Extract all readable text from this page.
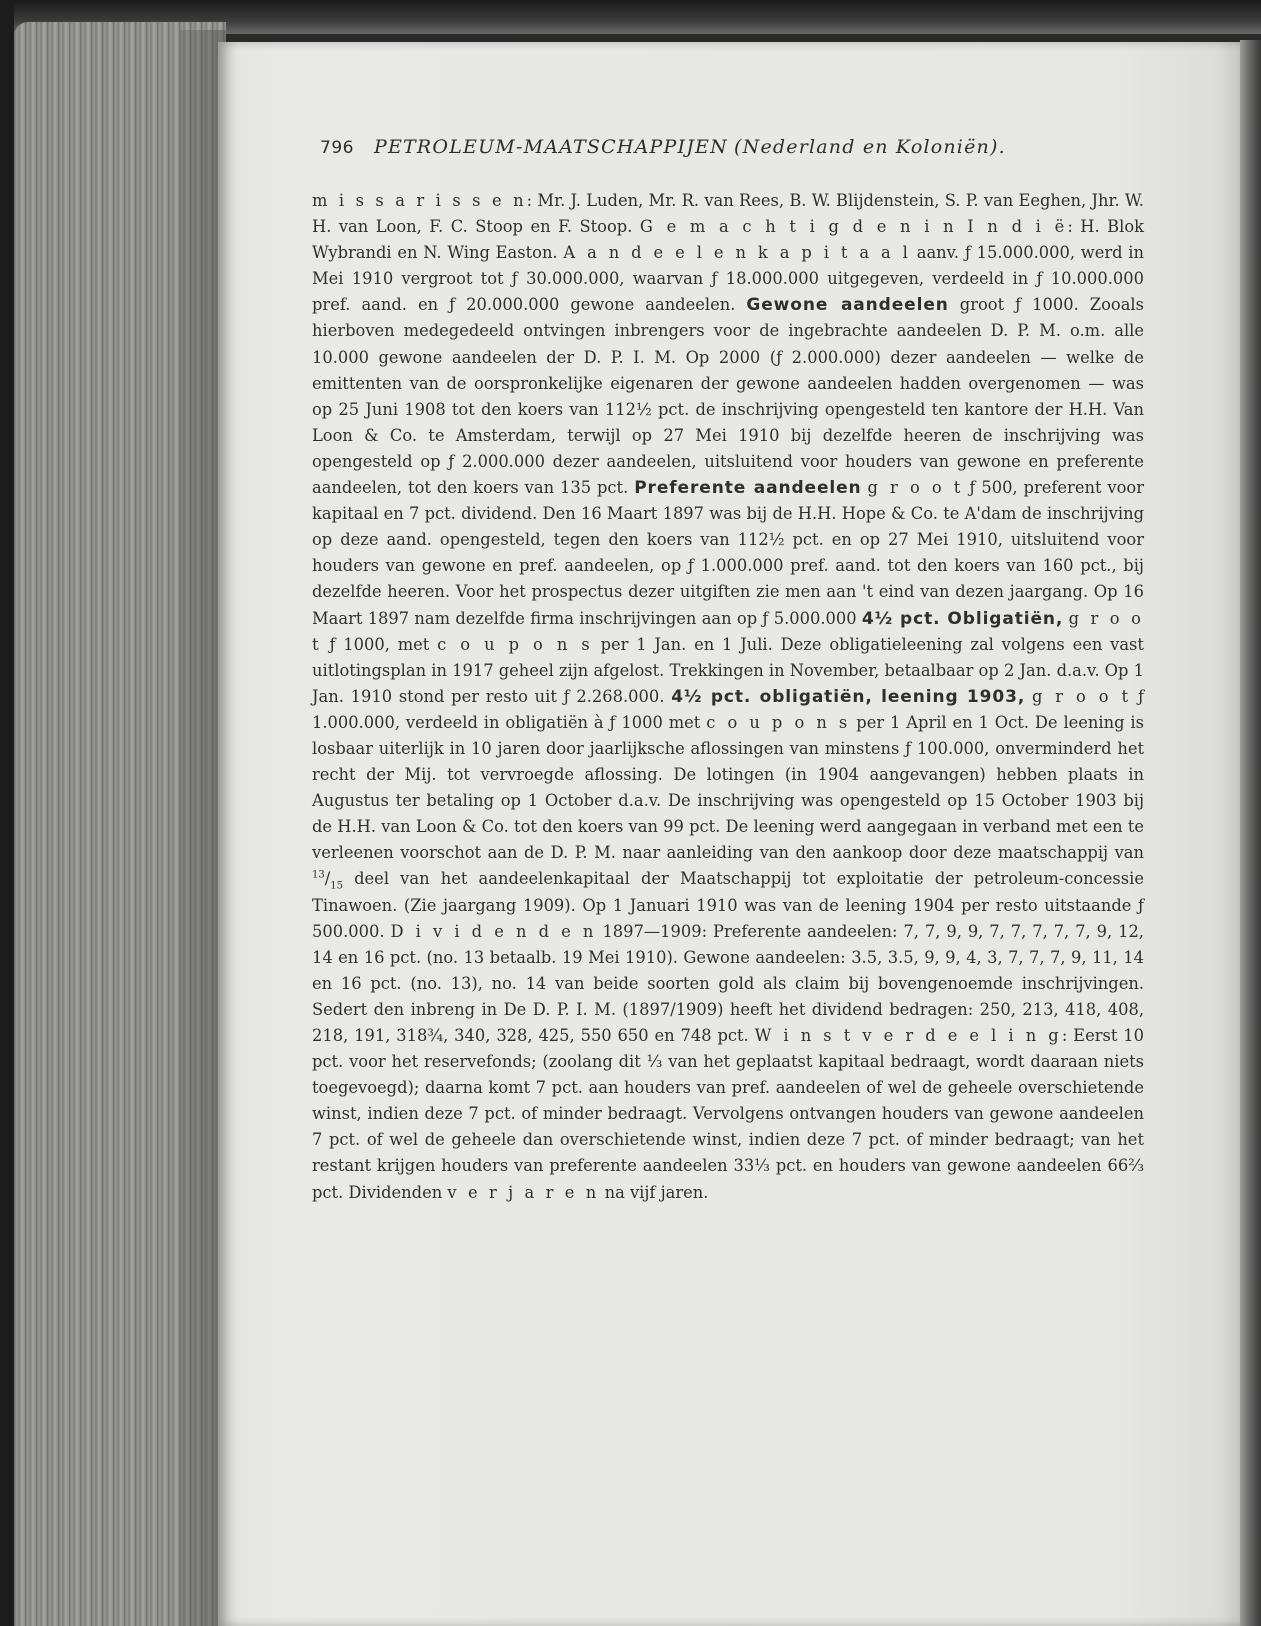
796 PETROLEUM-MAATSCHAPPIJEN (Nederland en Koloniën).
m i s s a r i s s e n: Mr. J. Luden, Mr. R. van Rees, B. W. Blijdenstein, S. P. van Eeghen, Jhr. W. H. van Loon, F. C. Stoop en F. Stoop. G e m a c h t i g d e n i n I n d i ë: H. Blok Wybrandi en N. Wing Easton. A a n d e e l e n k a p i t a a l aanv. ƒ 15.000.000, werd in Mei 1910 vergroot tot ƒ 30.000.000, waarvan ƒ 18.000.000 uitgegeven, verdeeld in ƒ 10.000.000 pref. aand. en ƒ 20.000.000 gewone aandeelen. Gewone aandeelen groot ƒ 1000. Zooals hierboven medegedeeld ontvingen inbrengers voor de ingebrachte aandeelen D. P. M. o.m. alle 10.000 gewone aandeelen der D. P. I. M. Op 2000 (ƒ 2.000.000) dezer aandeelen — welke de emittenten van de oorspronkelijke eigenaren der gewone aandeelen hadden overgenomen — was op 25 Juni 1908 tot den koers van 112½ pct. de inschrijving opengesteld ten kantore der H.H. Van Loon & Co. te Amsterdam, terwijl op 27 Mei 1910 bij dezelfde heeren de inschrijving was opengesteld op ƒ 2.000.000 dezer aandeelen, uitsluitend voor houders van gewone en preferente aandeelen, tot den koers van 135 pct. Preferente aandeelen g r o o t ƒ 500, preferent voor kapitaal en 7 pct. dividend. Den 16 Maart 1897 was bij de H.H. Hope & Co. te A'dam de inschrijving op deze aand. opengesteld, tegen den koers van 112½ pct. en op 27 Mei 1910, uitsluitend voor houders van gewone en pref. aandeelen, op ƒ 1.000.000 pref. aand. tot den koers van 160 pct., bij dezelfde heeren. Voor het prospectus dezer uitgiften zie men aan 't eind van dezen jaargang. Op 16 Maart 1897 nam dezelfde firma inschrijvingen aan op ƒ 5.000.000 4½ pct. Obligatiën, g r o o t ƒ 1000, met c o u p o n s per 1 Jan. en 1 Juli. Deze obligatieleening zal volgens een vast uitlotingsplan in 1917 geheel zijn afgelost. Trekkingen in November, betaalbaar op 2 Jan. d.a.v. Op 1 Jan. 1910 stond per resto uit ƒ 2.268.000. 4½ pct. obligatiën, leening 1903, g r o o t ƒ 1.000.000, verdeeld in obligatiën à ƒ 1000 met c o u p o n s per 1 April en 1 Oct. De leening is losbaar uiterlijk in 10 jaren door jaarlijksche aflossingen van minstens ƒ 100.000, onverminderd het recht der Mij. tot vervroegde aflossing. De lotingen (in 1904 aangevangen) hebben plaats in Augustus ter betaling op 1 October d.a.v. De inschrijving was opengesteld op 15 October 1903 bij de H.H. van Loon & Co. tot den koers van 99 pct. De leening werd aangegaan in verband met een te verleenen voorschot aan de D. P. M. naar aanleiding van den aankoop door deze maatschappij van $^{13}/_{15}$ deel van het aandeelenkapitaal der Maatschappij tot exploitatie der petroleum-concessie Tinawoen. (Zie jaargang 1909). Op 1 Januari 1910 was van de leening 1904 per resto uitstaande ƒ 500.000. D i v i d e n d e n 1897—1909: Preferente aandeelen: 7, 7, 9, 9, 7, 7, 7, 7, 7, 9, 12, 14 en 16 pct. (no. 13 betaalb. 19 Mei 1910). Gewone aandeelen: 3.5, 3.5, 9, 9, 4, 3, 7, 7, 7, 9, 11, 14 en 16 pct. (no. 13), no. 14 van beide soorten gold als claim bij bovengenoemde inschrijvingen. Sedert den inbreng in De D. P. I. M. (1897/1909) heeft het dividend bedragen: 250, 213, 418, 408, 218, 191, 318¾, 340, 328, 425, 550 650 en 748 pct. W i n s t v e r d e e l i n g: Eerst 10 pct. voor het reservefonds; (zoolang dit ⅓ van het geplaatst kapitaal bedraagt, wordt daaraan niets toegevoegd); daarna komt 7 pct. aan houders van pref. aandeelen of wel de geheele overschietende winst, indien deze 7 pct. of minder bedraagt. Vervolgens ontvangen houders van gewone aandeelen 7 pct. of wel de geheele dan overschietende winst, indien deze 7 pct. of minder bedraagt; van het restant krijgen houders van preferente aandeelen 33⅓ pct. en houders van gewone aandeelen 66⅔ pct. Dividenden v e r j a r e n na vijf jaren.
